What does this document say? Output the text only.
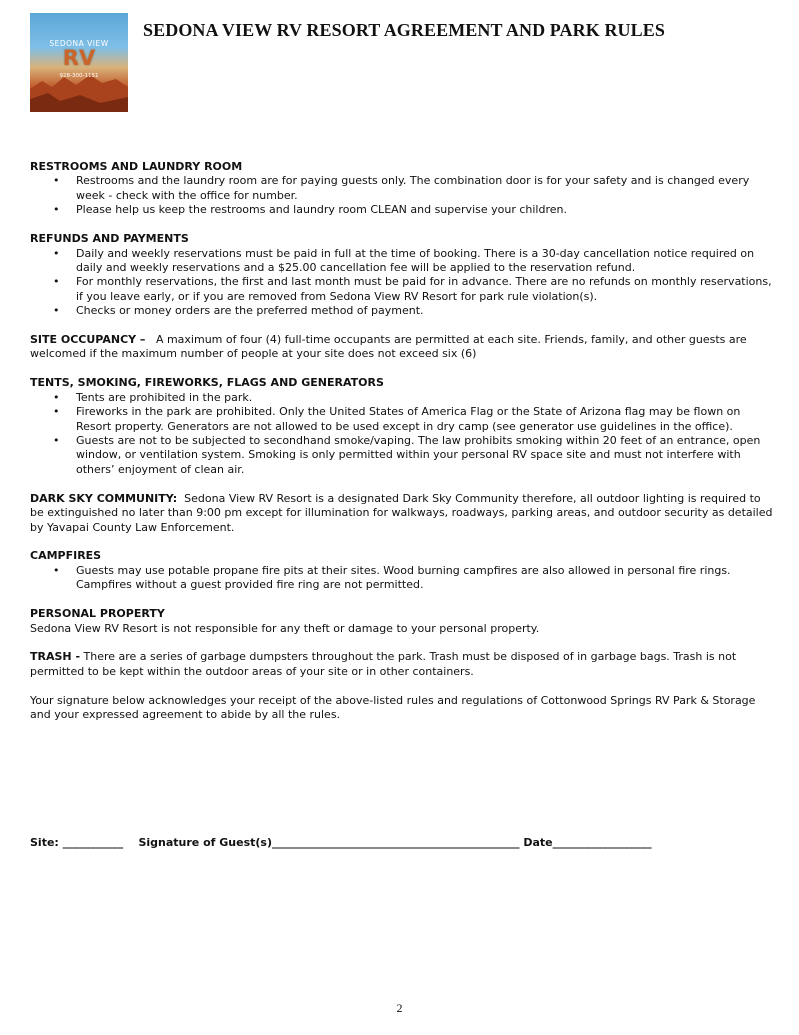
SEDONA VIEW
RV
928-300-1151
SEDONA VIEW RV RESORT AGREEMENT AND PARK RULES
RESTROOMS AND LAUNDRY ROOM
• Restrooms and the laundry room are for paying guests only. The combination door is for your safety and is changed every week - check with the office for number.
• Please help us keep the restrooms and laundry room CLEAN and supervise your children.
REFUNDS AND PAYMENTS
• Daily and weekly reservations must be paid in full at the time of booking. There is a 30-day cancellation notice required on daily and weekly reservations and a $25.00 cancellation fee will be applied to the reservation refund.
• For monthly reservations, the first and last month must be paid for in advance. There are no refunds on monthly reservations, if you leave early, or if you are removed from Sedona View RV Resort for park rule violation(s).
• Checks or money orders are the preferred method of payment.
SITE OCCUPANCY – A maximum of four (4) full-time occupants are permitted at each site. Friends, family, and other guests are welcomed if the maximum number of people at your site does not exceed six (6)
TENTS, SMOKING, FIREWORKS, FLAGS AND GENERATORS
• Tents are prohibited in the park.
• Fireworks in the park are prohibited. Only the United States of America Flag or the State of Arizona flag may be flown on Resort property. Generators are not allowed to be used except in dry camp (see generator use guidelines in the office).
• Guests are not to be subjected to secondhand smoke/vaping. The law prohibits smoking within 20 feet of an entrance, open window, or ventilation system. Smoking is only permitted within your personal RV space site and must not interfere with others’ enjoyment of clean air.
DARK SKY COMMUNITY: Sedona View RV Resort is a designated Dark Sky Community therefore, all outdoor lighting is required to be extinguished no later than 9:00 pm except for illumination for walkways, roadways, parking areas, and outdoor security as detailed by Yavapai County Law Enforcement.
CAMPFIRES
• Guests may use potable propane fire pits at their sites. Wood burning campfires are also allowed in personal fire rings. Campfires without a guest provided fire ring are not permitted.
PERSONAL PROPERTY
Sedona View RV Resort is not responsible for any theft or damage to your personal property.
TRASH - There are a series of garbage dumpsters throughout the park. Trash must be disposed of in garbage bags. Trash is not permitted to be kept within the outdoor areas of your site or in other containers.
Your signature below acknowledges your receipt of the above-listed rules and regulations of Cottonwood Springs RV Park & Storage and your expressed agreement to abide by all the rules.
Site: ___________ Signature of Guest(s)_____________________________________________ Date__________________
2
